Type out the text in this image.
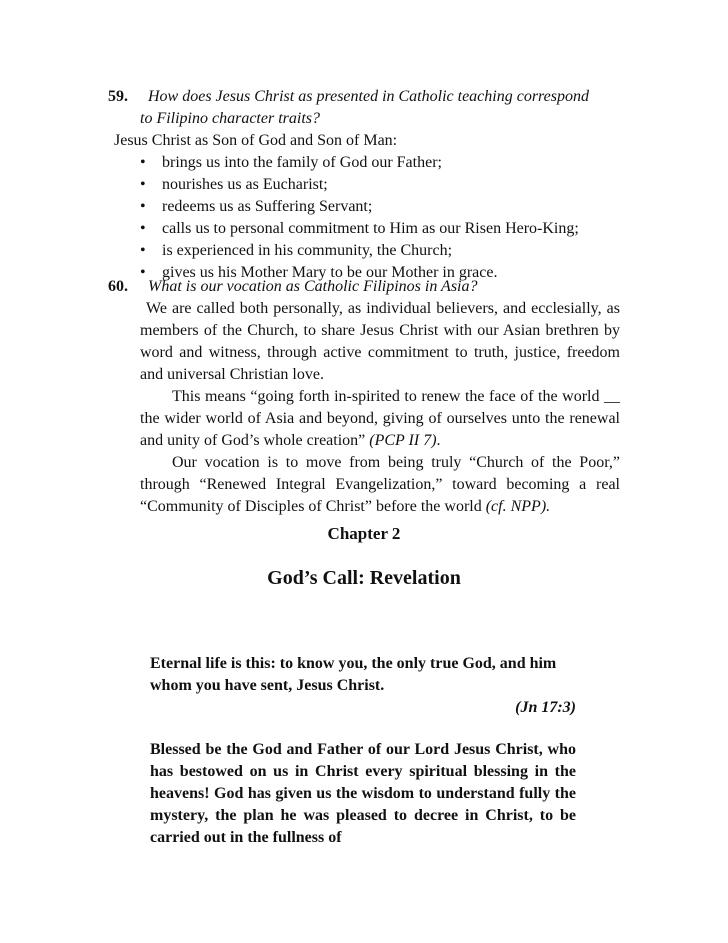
59.	How does Jesus Christ as presented in Catholic teaching correspond
to Filipino character traits?
Jesus Christ as Son of God and Son of Man:
• brings us into the family of God our Father;
• nourishes us as Eucharist;
• redeems us as Suffering Servant;
• calls us to personal commitment to Him as our Risen Hero-King;
• is experienced in his community, the Church;
• gives us his Mother Mary to be our Mother in grace.
60.	What is our vocation as Catholic Filipinos in Asia?
We are called both personally, as individual believers, and ecclesially, as members of the Church, to share Jesus Christ with our Asian brethren by word and witness, through active commitment to truth, justice, freedom and universal Christian love.
This means “going forth in-spirited to renew the face of the world __ the wider world of Asia and beyond, giving of ourselves unto the renewal and unity of God’s whole creation” (PCP II 7).
Our vocation is to move from being truly “Church of the Poor,” through “Renewed Integral Evangelization,” toward becoming a real “Community of Disciples of Christ” before the world (cf. NPP).
Chapter 2
God’s Call: Revelation
Eternal life is this: to know you, the only true God, and him whom you have sent, Jesus Christ.
(Jn 17:3)
Blessed be the God and Father of our Lord Jesus Christ, who has bestowed on us in Christ every spiritual blessing in the heavens! God has given us the wisdom to understand fully the mystery, the plan he was pleased to decree in Christ, to be carried out in the fullness of
